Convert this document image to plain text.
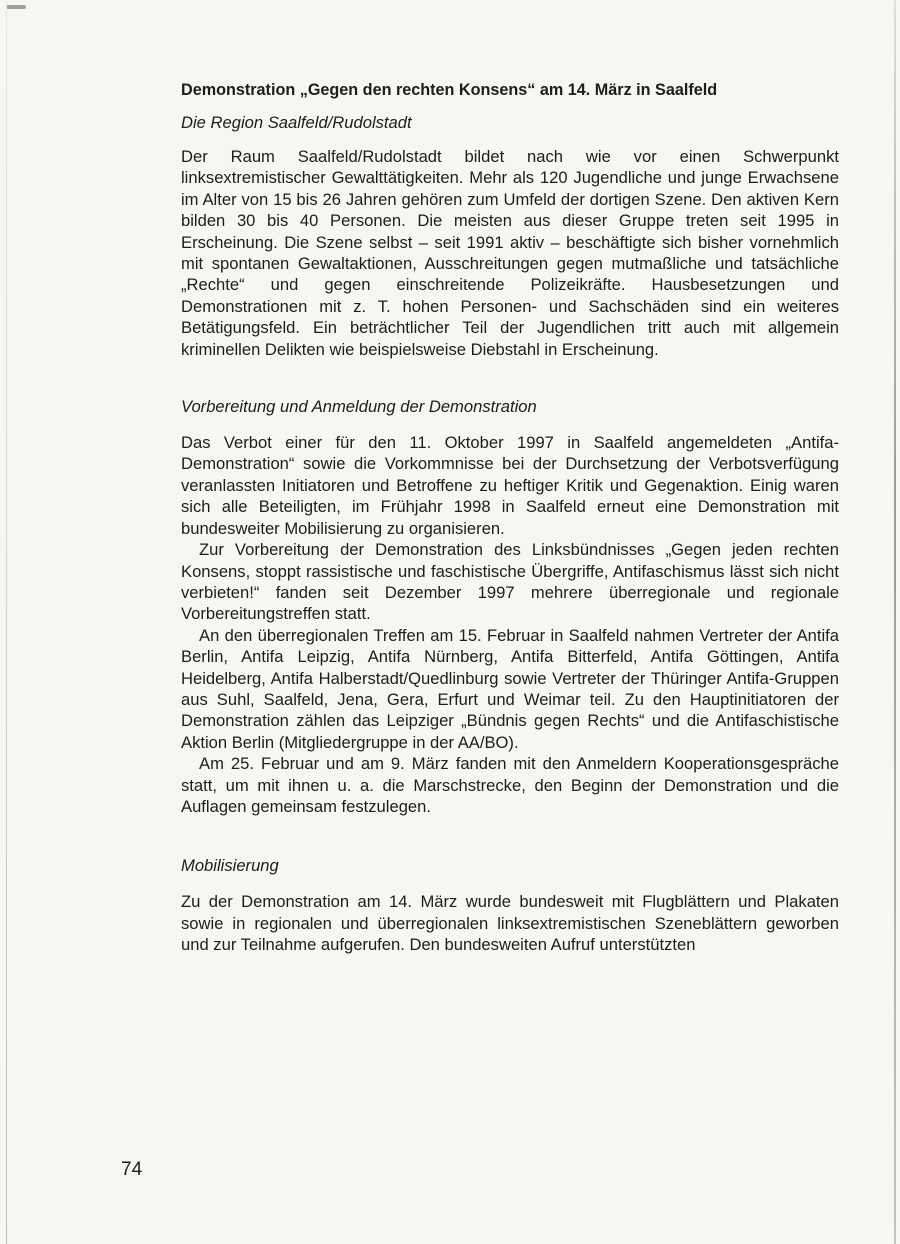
Demonstration „Gegen den rechten Konsens“ am 14. März in Saalfeld
Die Region Saalfeld/Rudolstadt

Der Raum Saalfeld/Rudolstadt bildet nach wie vor einen Schwerpunkt linksextremistischer Gewalttätigkeiten. Mehr als 120 Jugendliche und junge Erwachsene im Alter von 15 bis 26 Jahren gehören zum Umfeld der dortigen Szene. Den aktiven Kern bilden 30 bis 40 Personen. Die meisten aus dieser Gruppe treten seit 1995 in Erscheinung. Die Szene selbst – seit 1991 aktiv – beschäftigte sich bisher vornehmlich mit spontanen Gewaltaktionen, Ausschreitungen gegen mutmaßliche und tatsächliche „Rechte“ und gegen einschreitende Polizeikräfte. Hausbesetzungen und Demonstrationen mit z. T. hohen Personen- und Sachschäden sind ein weiteres Betätigungsfeld. Ein beträchtlicher Teil der Jugendlichen tritt auch mit allgemein kriminellen Delikten wie beispielsweise Diebstahl in Erscheinung.

Vorbereitung und Anmeldung der Demonstration

Das Verbot einer für den 11. Oktober 1997 in Saalfeld angemeldeten „Antifa-Demonstration“ sowie die Vorkommnisse bei der Durchsetzung der Verbotsverfügung veranlassten Initiatoren und Betroffene zu heftiger Kritik und Gegenaktion. Einig waren sich alle Beteiligten, im Frühjahr 1998 in Saalfeld erneut eine Demonstration mit bundesweiter Mobilisierung zu organisieren.

Zur Vorbereitung der Demonstration des Linksbündnisses „Gegen jeden rechten Konsens, stoppt rassistische und faschistische Übergriffe, Antifaschismus lässt sich nicht verbieten!“ fanden seit Dezember 1997 mehrere überregionale und regionale Vorbereitungstreffen statt.

An den überregionalen Treffen am 15. Februar in Saalfeld nahmen Vertreter der Antifa Berlin, Antifa Leipzig, Antifa Nürnberg, Antifa Bitterfeld, Antifa Göttingen, Antifa Heidelberg, Antifa Halberstadt/Quedlinburg sowie Vertreter der Thüringer Antifa-Gruppen aus Suhl, Saalfeld, Jena, Gera, Erfurt und Weimar teil. Zu den Hauptinitiatoren der Demonstration zählen das Leipziger „Bündnis gegen Rechts“ und die Antifaschistische Aktion Berlin (Mitgliedergruppe in der AA/BO).

Am 25. Februar und am 9. März fanden mit den Anmeldern Kooperationsgespräche statt, um mit ihnen u. a. die Marschstrecke, den Beginn der Demonstration und die Auflagen gemeinsam festzulegen.

Mobilisierung

Zu der Demonstration am 14. März wurde bundesweit mit Flugblättern und Plakaten sowie in regionalen und überregionalen linksextremistischen Szeneblättern geworben und zur Teilnahme aufgerufen. Den bundesweiten Aufruf unterstützten

74
